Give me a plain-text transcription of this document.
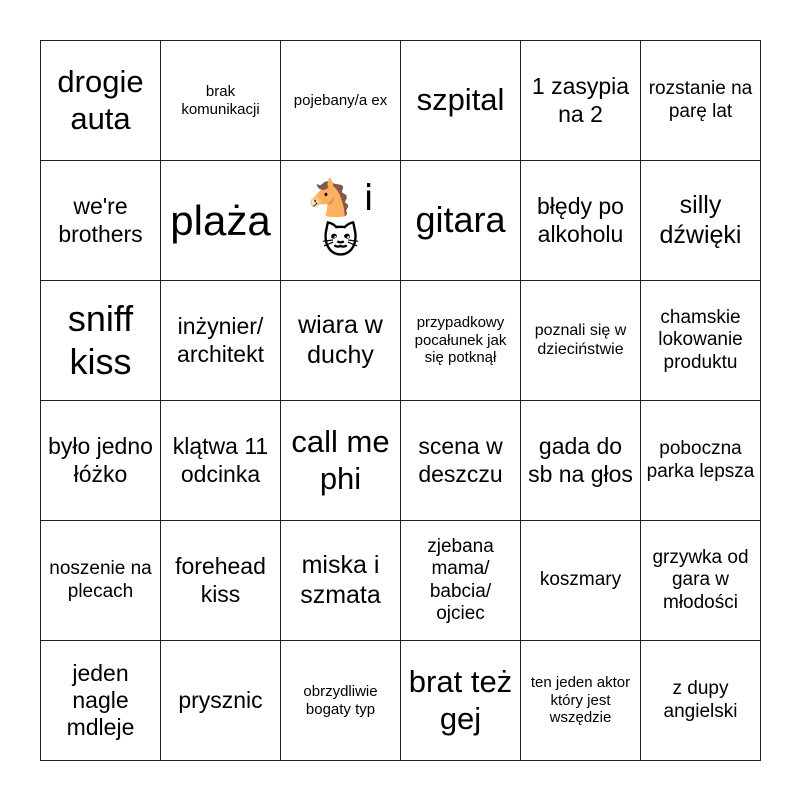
drogie auta	brak komunikacji	pojebany/a ex	szpital	1 zasypia na 2	rozstanie na parę lat
we're brothers	plaża	🐴 i 🐱	gitara	błędy po alkoholu	silly dźwięki
sniff kiss	inżynier/ architekt	wiara w duchy	przypadkowy pocałunek jak się potknął	poznali się w dzieciństwie	chamskie lokowanie produktu
było jedno łóżko	klątwa 11 odcinka	call me phi	scena w deszczu	gada do sb na głos	poboczna parka lepsza
noszenie na plecach	forehead kiss	miska i szmata	zjebana mama/ babcia/ ojciec	koszmary	grzywka od gara w młodości
jeden nagle mdleje	prysznic	obrzydliwie bogaty typ	brat też gej	ten jeden aktor który jest wszędzie	z dupy angielski
